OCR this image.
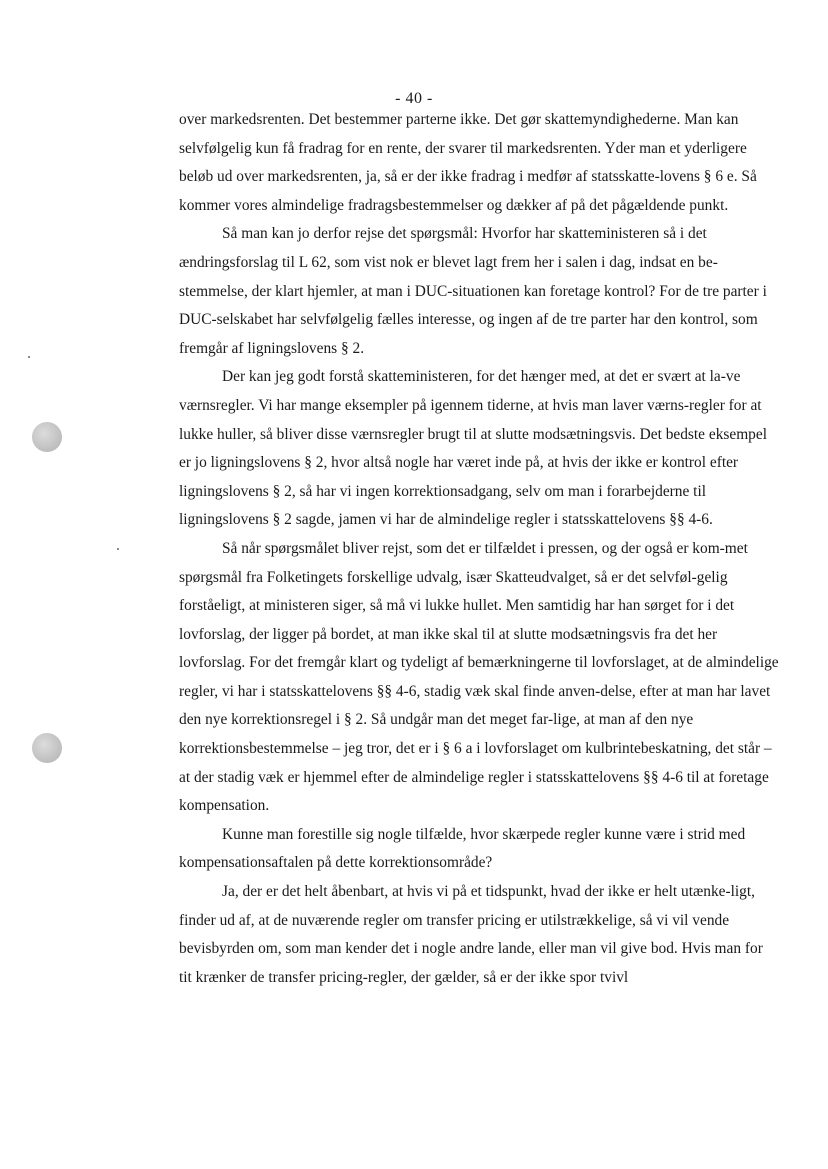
- 40 -

over markedsrenten. Det bestemmer parterne ikke. Det gør skattemyndighederne. Man kan selvfølgelig kun få fradrag for en rente, der svarer til markedsrenten. Yder man et yderligere beløb ud over markedsrenten, ja, så er der ikke fradrag i medfør af statsskatte-lovens § 6 e. Så kommer vores almindelige fradragsbestemmelser og dækker af på det pågældende punkt.

Så man kan jo derfor rejse det spørgsmål: Hvorfor har skatteministeren så i det ændringsforslag til L 62, som vist nok er blevet lagt frem her i salen i dag, indsat en be-stemmelse, der klart hjemler, at man i DUC-situationen kan foretage kontrol? For de tre parter i DUC-selskabet har selvfølgelig fælles interesse, og ingen af de tre parter har den kontrol, som fremgår af ligningslovens § 2.

Der kan jeg godt forstå skatteministeren, for det hænger med, at det er svært at la-ve værnsregler. Vi har mange eksempler på igennem tiderne, at hvis man laver værns-regler for at lukke huller, så bliver disse værnsregler brugt til at slutte modsætningsvis. Det bedste eksempel er jo ligningslovens § 2, hvor altså nogle har været inde på, at hvis der ikke er kontrol efter ligningslovens § 2, så har vi ingen korrektionsadgang, selv om man i forarbejderne til ligningslovens § 2 sagde, jamen vi har de almindelige regler i statsskattelovens §§ 4-6.

Så når spørgsmålet bliver rejst, som det er tilfældet i pressen, og der også er kom-met spørgsmål fra Folketingets forskellige udvalg, især Skatteudvalget, så er det selvføl-gelig forståeligt, at ministeren siger, så må vi lukke hullet. Men samtidig har han sørget for i det lovforslag, der ligger på bordet, at man ikke skal til at slutte modsætningsvis fra det her lovforslag. For det fremgår klart og tydeligt af bemærkningerne til lovforslaget, at de almindelige regler, vi har i statsskattelovens §§ 4-6, stadig væk skal finde anven-delse, efter at man har lavet den nye korrektionsregel i § 2. Så undgår man det meget far-lige, at man af den nye korrektionsbestemmelse – jeg tror, det er i § 6 a i lovforslaget om kulbrintebeskatning, det står – at der stadig væk er hjemmel efter de almindelige regler i statsskattelovens §§ 4-6 til at foretage kompensation.

Kunne man forestille sig nogle tilfælde, hvor skærpede regler kunne være i strid med kompensationsaftalen på dette korrektionsområde?

Ja, der er det helt åbenbart, at hvis vi på et tidspunkt, hvad der ikke er helt utænke-ligt, finder ud af, at de nuværende regler om transfer pricing er utilstrækkelige, så vi vil vende bevisbyrden om, som man kender det i nogle andre lande, eller man vil give bod. Hvis man for tit krænker de transfer pricing-regler, der gælder, så er der ikke spor tvivl
